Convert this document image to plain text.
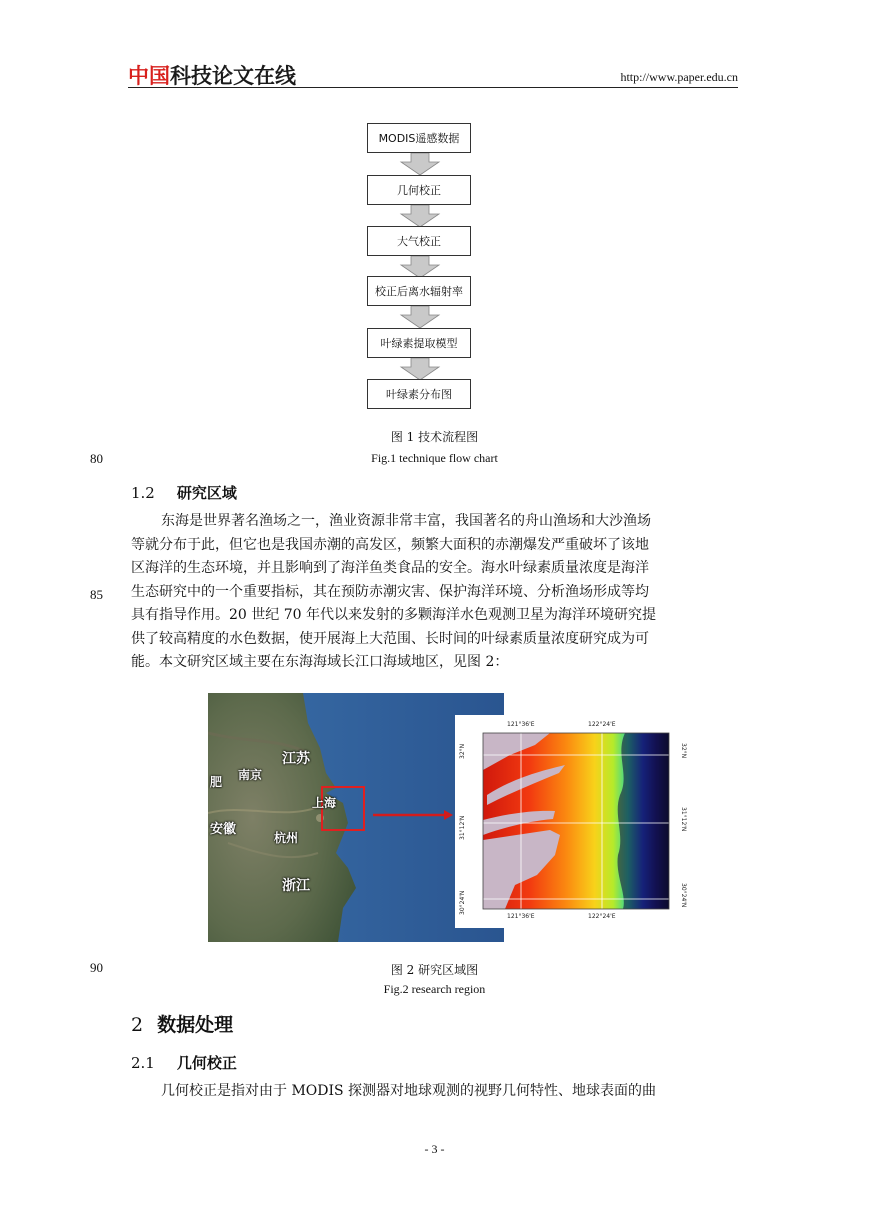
中国科技论文在线	http://www.paper.edu.cn
MODIS遥感数据
几何校正
大气校正
校正后离水辐射率
叶绿素提取模型
叶绿素分布图
图 1 技术流程图
80	Fig.1 technique flow chart
1.2 研究区域
东海是世界著名渔场之一，渔业资源非常丰富，我国著名的舟山渔场和大沙渔场
等就分布于此，但它也是我国赤潮的高发区，频繁大面积的赤潮爆发严重破坏了该地
区海洋的生态环境，并且影响到了海洋鱼类食品的安全。海水叶绿素质量浓度是海洋
生态研究中的一个重要指标，其在预防赤潮灾害、保护海洋环境、分析渔场形成等均
具有指导作用。20 世纪 70 年代以来发射的多颗海洋水色观测卫星为海洋环境研究提
供了较高精度的水色数据，使开展海上大范围、长时间的叶绿素质量浓度研究成为可
能。本文研究区域主要在东海海域长江口海域地区，见图 2：
85
江苏
南京
肥
上海
安徽
杭州
浙江
121°36'E	122°24'E
121°36'E	122°24'E
32°N
31°12'N
30°24'N
32°N
31°12'N
30°24'N
90	图 2 研究区域图
Fig.2 research region
2 数据处理
2.1 几何校正
几何校正是指对由于 MODIS 探测器对地球观测的视野几何特性、地球表面的曲
- 3 -
